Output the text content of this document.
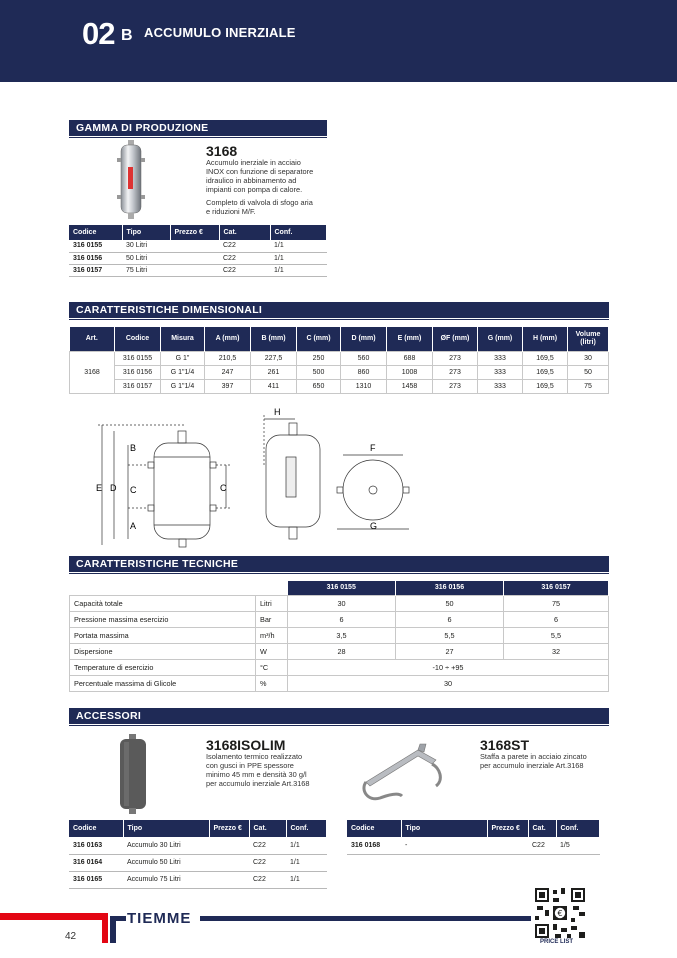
02 B ACCUMULO INERZIALE
GAMMA DI PRODUZIONE
3168
Accumulo inerziale in acciaio
INOX con funzione di separatore
idraulico in abbinamento ad
impianti con pompa di calore.
Completo di valvola di sfogo aria
e riduzioni M/F.
Codice	Tipo	Prezzo €	Cat.	Conf.
316 0155	30 Litri		C22	1/1
316 0156	50 Litri		C22	1/1
316 0157	75 Litri		C22	1/1
CARATTERISTICHE DIMENSIONALI
Art.	Codice	Misura	A (mm)	B (mm)	C (mm)	D (mm)	E (mm)	ØF (mm)	G (mm)	H (mm)	Volume
(litri)

3168	316 0155	G 1"	210,5	227,5	250	560	688	273	333	169,5	30
	316 0156	G 1"1/4	247	261	500	860	1008	273	333	169,5	50
	316 0157	G 1"1/4	397	411	650	1310	1458	273	333	169,5	75
E D
B
C
A
C
H
F
G
CARATTERISTICHE TECNICHE
		316 0155	316 0156	316 0157
Capacità totale	Litri	30	50	75
Pressione massima esercizio	Bar	6	6	6
Portata massima	m³/h	3,5	5,5	5,5
Dispersione	W	28	27	32
Temperature di esercizio	°C	-10 ÷ +95		
Percentuale massima di Glicole	%	30		
ACCESSORI
3168ISOLIM
Isolamento termico realizzato
con gusci in PPE spessore
minimo 45 mm e densità 30 g/l
per accumulo inerziale Art.3168
3168ST
Staffa a parete in acciaio zincato
per accumulo inerziale Art.3168
Codice	Tipo	Prezzo €	Cat.	Conf.
316 0163	Accumulo 30 Litri		C22	1/1
316 0164	Accumulo 50 Litri		C22	1/1
316 0165	Accumulo 75 Litri		C22	1/1
Codice	Tipo	Prezzo €	Cat.	Conf.
316 0168	-		C22	1/5
TIEMME
42
€
PRICE LIST
